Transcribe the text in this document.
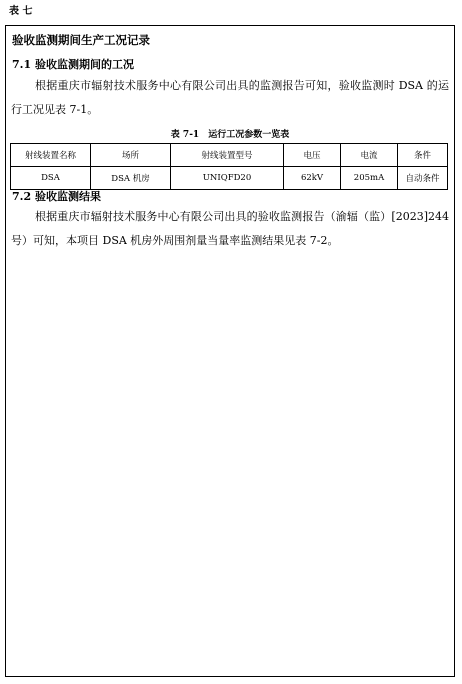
表 七
验收监测期间生产工况记录
7.1 验收监测期间的工况
根据重庆市辐射技术服务中心有限公司出具的监测报告可知，验收监测时 DSA 的运行工况见表 7-1。
表 7-1　运行工况参数一览表
射线装置名称	场所	射线装置型号	电压	电流	条件
DSA	DSA 机房	UNIQFD20	62kV	205mA	自动条件
7.2 验收监测结果
根据重庆市辐射技术服务中心有限公司出具的验收监测报告（渝辐（监）[2023]244 号）可知，本项目 DSA 机房外周围剂量当量率监测结果见表 7-2。
